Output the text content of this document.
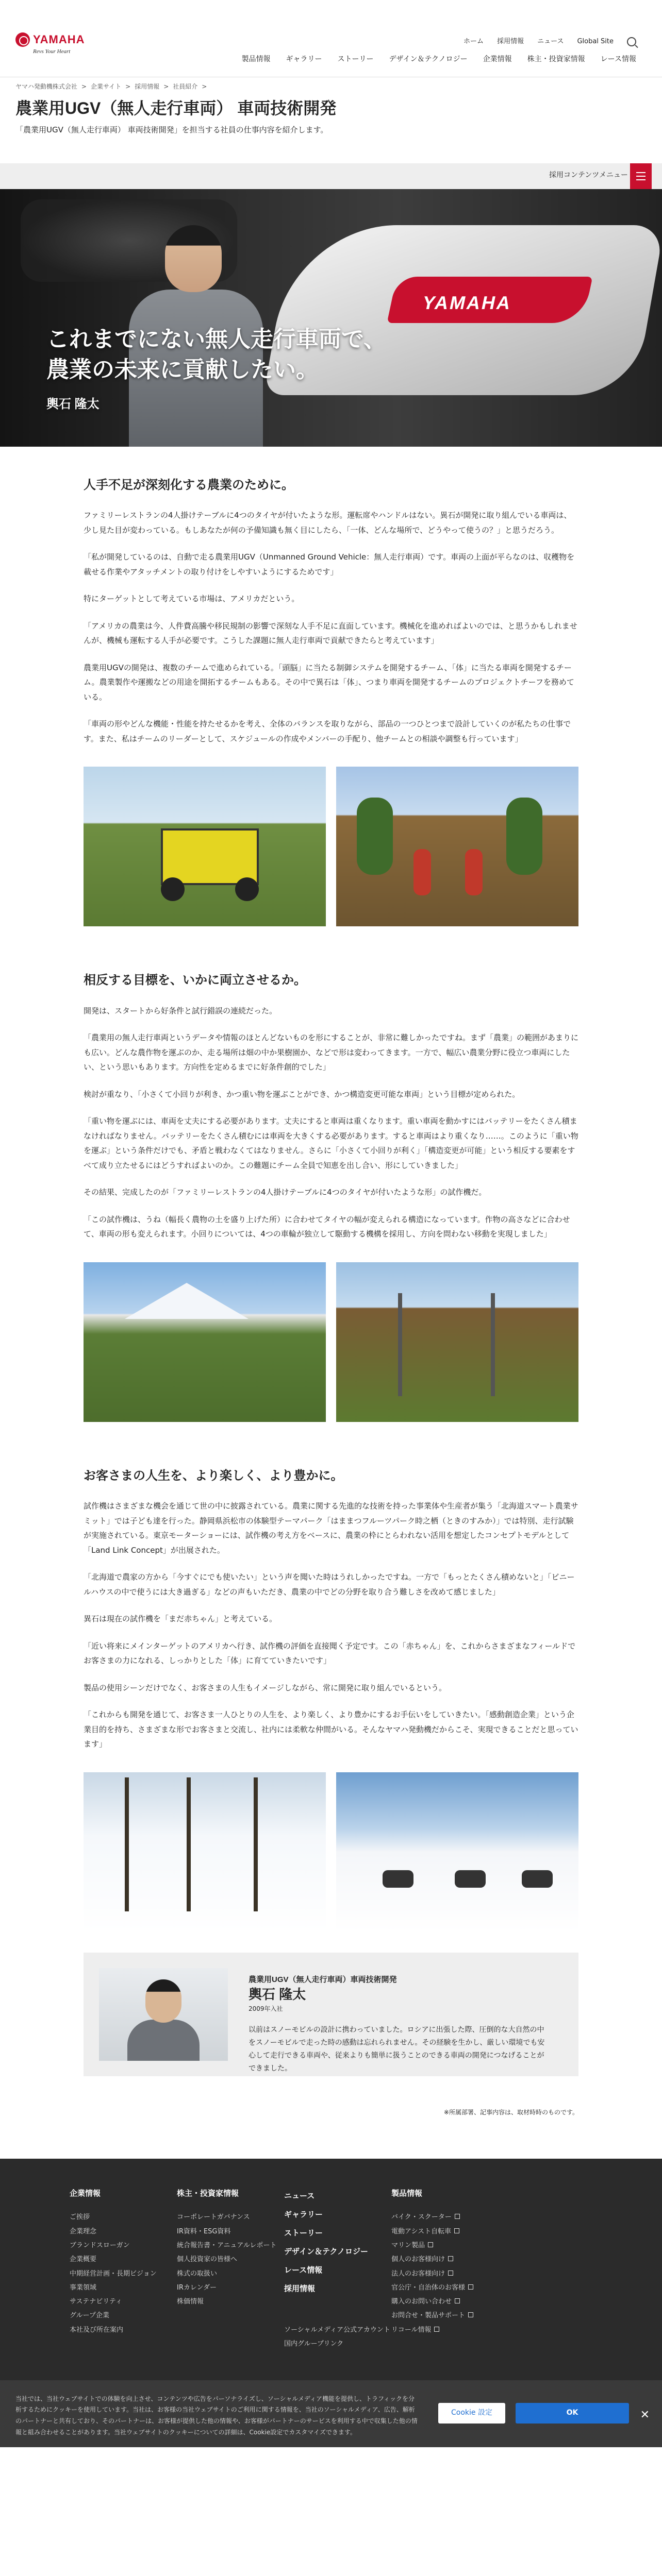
YAMAHA
Revs Your Heart
ホーム 採用情報 ニュース Global Site
製品情報 ギャラリー ストーリー デザイン＆テクノロジー 企業情報 株主・投資家情報 レース情報
ヤマハ発動機株式会社 > 企業サイト > 採用情報 > 社員紹介 >
農業用UGV（無人走行車両） 車両技術開発

「農業用UGV（無人走行車両） 車両技術開発」を担当する社員の仕事内容を紹介します。

採用コンテンツメニュー
YAMAHA
これまでにない無人走行車両で、
農業の未来に貢献したい。

輿石 隆太

人手不足が深刻化する農業のために。

ファミリーレストランの4人掛けテーブルに4つのタイヤが付いたような形。運転席やハンドルはない。異石が開発に取り組んでいる車両は、少し見た目が変わっている。もしあなたが何の予備知識も無く目にしたら、「一体、どんな場所で、どうやって使うの？」と思うだろう。

「私が開発しているのは、自動で走る農業用UGV（Unmanned Ground Vehicle：無人走行車両）です。車両の上面が平らなのは、収穫物を載せる作業やアタッチメントの取り付けをしやすいようにするためです」

特にターゲットとして考えている市場は、アメリカだという。

「アメリカの農業は今、人件費高騰や移民規制の影響で深刻な人手不足に直面しています。機械化を進めればよいのでは、と思うかもしれませんが、機械も運転する人手が必要です。こうした課題に無人走行車両で貢献できたらと考えています」

農業用UGVの開発は、複数のチームで進められている。「頭脳」に当たる制御システムを開発するチーム、「体」に当たる車両を開発するチーム。農業製作や運搬などの用途を開拓するチームもある。その中で異石は「体」、つまり車両を開発するチームのプロジェクトチーフを務めている。

「車両の形やどんな機能・性能を持たせるかを考え、全体のバランスを取りながら、部品の一つひとつまで設計していくのが私たちの仕事です。また、私はチームのリーダーとして、スケジュールの作成やメンバーの手配り、他チームとの相談や調整も行っています」

相反する目標を、いかに両立させるか。

開発は、スタートから好条件と試行錯誤の連続だった。

「農業用の無人走行車両というデータや情報のほとんどないものを形にすることが、非常に難しかったですね。まず「農業」の範囲があまりにも広い。どんな農作物を運ぶのか、走る場所は畑の中か果樹園か、などで形は変わってきます。一方で、幅広い農業分野に役立つ車両にしたい、という思いもあります。方向性を定めるまでに好条件創的でした」

検討が重なり、「小さくて小回りが利き、かつ重い物を運ぶことができ、かつ構造変更可能な車両」という目標が定められた。

「重い物を運ぶには、車両を丈夫にする必要があります。丈夫にすると車両は重くなります。重い車両を動かすにはバッテリーをたくさん積まなければなりません。バッテリーをたくさん積むには車両を大きくする必要があります。すると車両はより重くなり……。このように「重い物を運ぶ」という条件だけでも、矛盾と戦わなくてはなりません。さらに「小さくて小回りが利く」「構造変更が可能」という相反する要素をすべて成り立たせるにはどうすればよいのか。この難題にチーム全員で知恵を出し合い、形にしていきました」

その結果、完成したのが「ファミリーレストランの4人掛けテーブルに4つのタイヤが付いたような形」の試作機だ。

「この試作機は、うね（幅長く農物の土を盛り上げた所）に合わせてタイヤの幅が変えられる構造になっています。作物の高さなどに合わせて、車両の形も変えられます。小回りについては、4つの車輪が独立して駆動する機構を採用し、方向を問わない移動を実現しました」

お客さまの人生を、より楽しく、より豊かに。

試作機はさまざまな機会を通じて世の中に披露されている。農業に関する先進的な技術を持った事業体や生産者が集う「北海道スマート農業サミット」では子ども達を行った。静岡県浜松市の体験型テーマパーク「はままつフルーツパーク時之栖（ときのすみか）」では特別、走行試験が実施されている。東京モーターショーには、試作機の考え方をベースに、農業の枠にとらわれない活用を想定したコンセプトモデルとして「Land Link Concept」が出展された。

「北海道で農家の方から「今すぐにでも使いたい」という声を聞いた時はうれしかったですね。一方で「もっとたくさん積めないと」「ビニールハウスの中で使うには大き過ぎる」などの声もいただき、農業の中でどの分野を取り合う難しさを改めて感じました」

異石は現在の試作機を「まだ赤ちゃん」と考えている。

「近い将来にメインターゲットのアメリカへ行き、試作機の評価を直接聞く予定です。この「赤ちゃん」を、これからさまざまなフィールドでお客さまの力になれる、しっかりとした「体」に育てていきたいです」

製品の使用シーンだけでなく、お客さまの人生もイメージしながら、常に開発に取り組んでいるという。

「これからも開発を通じて、お客さま一人ひとりの人生を、より楽しく、より豊かにするお手伝いをしていきたい。「感動創造企業」という企業目的を持ち、さまざまな形でお客さまと交流し、社内には柔軟な仲間がいる。そんなヤマハ発動機だからこそ、実現できることだと思っています」

農業用UGV（無人走行車両）車両技術開発

輿石 隆太

2009年入社

以前はスノーモビルの設計に携わっていました。ロシアに出張した際、圧倒的な大自然の中をスノーモビルで走った時の感動は忘れられません。その経験を生かし、厳しい環境でも安心して走行できる車両や、従来よりも簡単に扱うことのできる車両の開発につなげることができました。

※所属部署、記事内容は、取材時時のものです。

企業情報
ご挨拶
企業理念
ブランドスローガン
企業概要
中期経営計画・長期ビジョン
事業領域
サステナビリティ
グループ企業
本社及び所在案内
株主・投資家情報
コーポレートガバナンス
IR資料・ESG資料
統合報告書・アニュアルレポート
個人投資家の皆様へ
株式の取扱い
IRカレンダー
株価情報
ニュース
ギャラリー
ストーリー
デザイン＆テクノロジー
レース情報
採用情報
ソーシャルメディア公式アカウント
国内グループリンク
製品情報
バイク・スクーター
電動アシスト自転車
マリン製品
個人のお客様向け
法人のお客様向け
官公庁・自治体のお客様
購入のお問い合わせ
お問合せ・製品サポート
リコール情報

当社では、当社ウェブサイトでの体験を向上させ、コンテンツや広告をパーソナライズし、ソーシャルメディア機能を提供し、トラフィックを分析するためにクッキーを使用しています。当社は、お客様の当社ウェブサイトのご利用に関する情報を、当社のソーシャルメディア、広告、解析のパートナーと共有しており、そのパートナーは、お客様が提供した他の情報や、お客様がパートナーのサービスを利用する中で収集した他の情報と組み合わせることがあります。当社ウェブサイトのクッキーについての詳細は、Cookie設定でカスタマイズできます。

Cookie 設定	OK	✕
